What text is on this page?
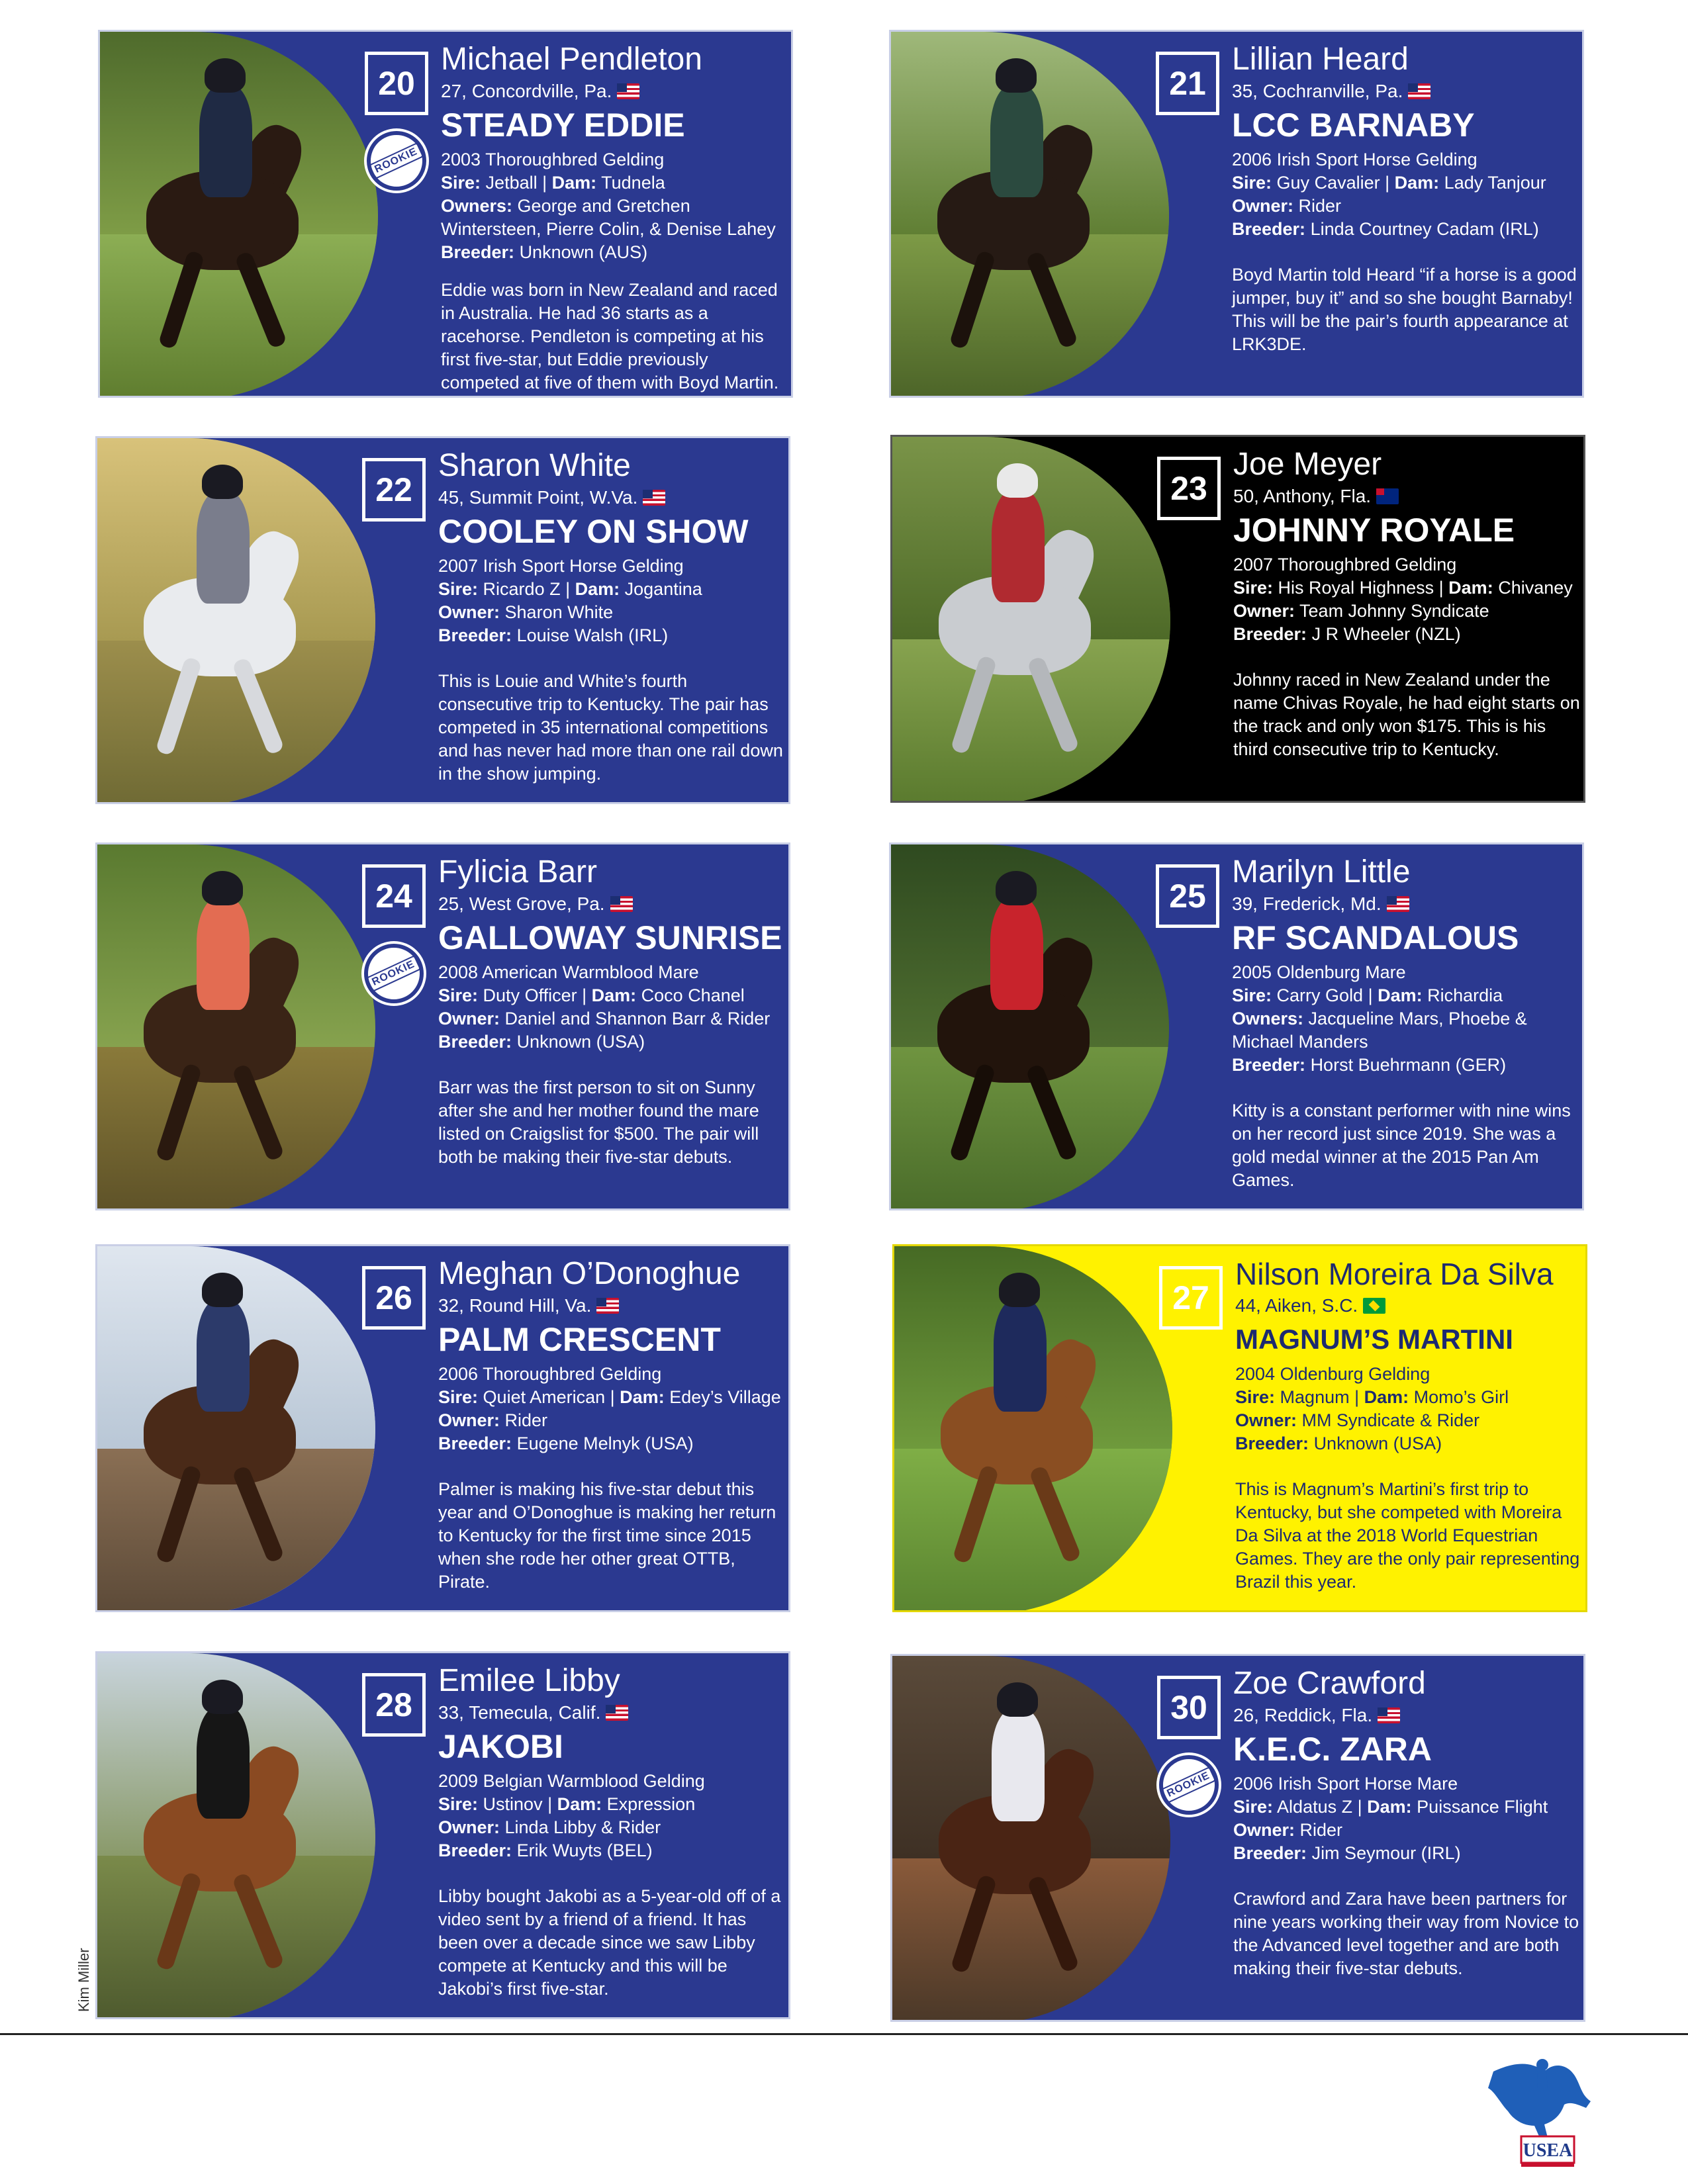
20
ROOKIE
Michael Pendleton
27, Concordville, Pa.
STEADY EDDIE
2003 Thoroughbred Gelding
Sire: Jetball | Dam: Tudnela
Owners: George and Gretchen Wintersteen, Pierre Colin, & Denise Lahey
Breeder: Unknown (AUS)
Eddie was born in New Zealand and raced in Australia. He had 36 starts as a racehorse. Pendleton is competing at his first five-star, but Eddie previously competed at five of them with Boyd Martin.
21
Lillian Heard
35, Cochranville, Pa.
LCC BARNABY
2006 Irish Sport Horse Gelding
Sire: Guy Cavalier | Dam: Lady Tanjour
Owner: Rider
Breeder: Linda Courtney Cadam (IRL)
Boyd Martin told Heard “if a horse is a good jumper, buy it” and so she bought Barnaby! This will be the pair’s fourth appearance at LRK3DE.
22
Sharon White
45, Summit Point, W.Va.
COOLEY ON SHOW
2007 Irish Sport Horse Gelding
Sire: Ricardo Z | Dam: Jogantina
Owner: Sharon White
Breeder: Louise Walsh (IRL)
This is Louie and White’s fourth consecutive trip to Kentucky. The pair has competed in 35 international competitions and has never had more than one rail down in the show jumping.
23
Joe Meyer
50, Anthony, Fla.
JOHNNY ROYALE
2007 Thoroughbred Gelding
Sire: His Royal Highness | Dam: Chivaney
Owner: Team Johnny Syndicate
Breeder: J R Wheeler (NZL)
Johnny raced in New Zealand under the name Chivas Royale, he had eight starts on the track and only won $175. This is his third consecutive trip to Kentucky.
24
ROOKIE
Fylicia Barr
25, West Grove, Pa.
GALLOWAY SUNRISE
2008 American Warmblood Mare
Sire: Duty Officer | Dam: Coco Chanel
Owner: Daniel and Shannon Barr & Rider
Breeder: Unknown (USA)
Barr was the first person to sit on Sunny after she and her mother found the mare listed on Craigslist for $500. The pair will both be making their five-star debuts.
25
Marilyn Little
39, Frederick, Md.
RF SCANDALOUS
2005 Oldenburg Mare
Sire: Carry Gold | Dam: Richardia
Owners: Jacqueline Mars, Phoebe & Michael Manders
Breeder: Horst Buehrmann (GER)
Kitty is a constant performer with nine wins on her record just since 2019. She was a gold medal winner at the 2015 Pan Am Games.
26
Meghan O’Donoghue
32, Round Hill, Va.
PALM CRESCENT
2006 Thoroughbred Gelding
Sire: Quiet American | Dam: Edey’s Village
Owner: Rider
Breeder: Eugene Melnyk (USA)
Palmer is making his five-star debut this year and O’Donoghue is making her return to Kentucky for the first time since 2015 when she rode her other great OTTB, Pirate.
27
Nilson Moreira Da Silva
44, Aiken, S.C.
MAGNUM’S MARTINI
2004 Oldenburg Gelding
Sire: Magnum | Dam: Momo’s Girl
Owner: MM Syndicate & Rider
Breeder: Unknown (USA)
This is Magnum’s Martini’s first trip to Kentucky, but she competed with Moreira Da Silva at the 2018 World Equestrian Games. They are the only pair representing Brazil this year.
28
Emilee Libby
33, Temecula, Calif.
JAKOBI
2009 Belgian Warmblood Gelding
Sire: Ustinov | Dam: Expression
Owner: Linda Libby & Rider
Breeder: Erik Wuyts (BEL)
Libby bought Jakobi as a 5-year-old off of a video sent by a friend of a friend. It has been over a decade since we saw Libby compete at Kentucky and this will be Jakobi’s first five-star.
30
ROOKIE
Zoe Crawford
26, Reddick, Fla.
K.E.C. ZARA
2006 Irish Sport Horse Mare
Sire: Aldatus Z | Dam: Puissance Flight
Owner: Rider
Breeder: Jim Seymour (IRL)
Crawford and Zara have been partners for nine years working their way from Novice to the Advanced level together and are both making their five-star debuts.
Kim Miller
USEA
